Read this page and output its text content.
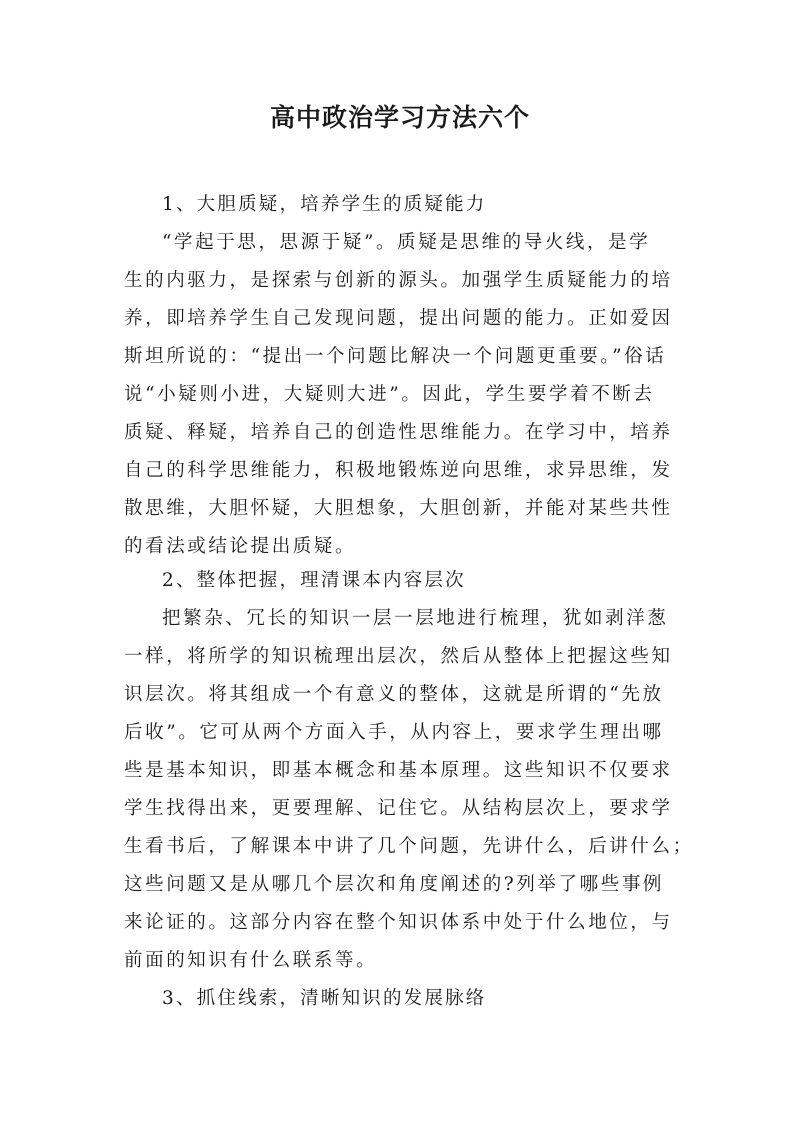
高中政治学习方法六个
1、大胆质疑，培养学生的质疑能力
“学起于思，思源于疑”。质疑是思维的导火线，是学
生的内驱力，是探索与创新的源头。加强学生质疑能力的培
养，即培养学生自己发现问题，提出问题的能力。正如爱因
斯坦所说的：“提出一个问题比解决一个问题更重要。”俗话
说“小疑则小进，大疑则大进”。因此，学生要学着不断去
质疑、释疑，培养自己的创造性思维能力。在学习中，培养
自己的科学思维能力，积极地锻炼逆向思维，求异思维，发
散思维，大胆怀疑，大胆想象，大胆创新，并能对某些共性
的看法或结论提出质疑。
2、整体把握，理清课本内容层次
把繁杂、冗长的知识一层一层地进行梳理，犹如剥洋葱
一样，将所学的知识梳理出层次，然后从整体上把握这些知
识层次。将其组成一个有意义的整体，这就是所谓的“先放
后收”。它可从两个方面入手，从内容上，要求学生理出哪
些是基本知识，即基本概念和基本原理。这些知识不仅要求
学生找得出来，更要理解、记住它。从结构层次上，要求学
生看书后，了解课本中讲了几个问题，先讲什么，后讲什么；
这些问题又是从哪几个层次和角度阐述的?列举了哪些事例
来论证的。这部分内容在整个知识体系中处于什么地位，与
前面的知识有什么联系等。
3、抓住线索，清晰知识的发展脉络
